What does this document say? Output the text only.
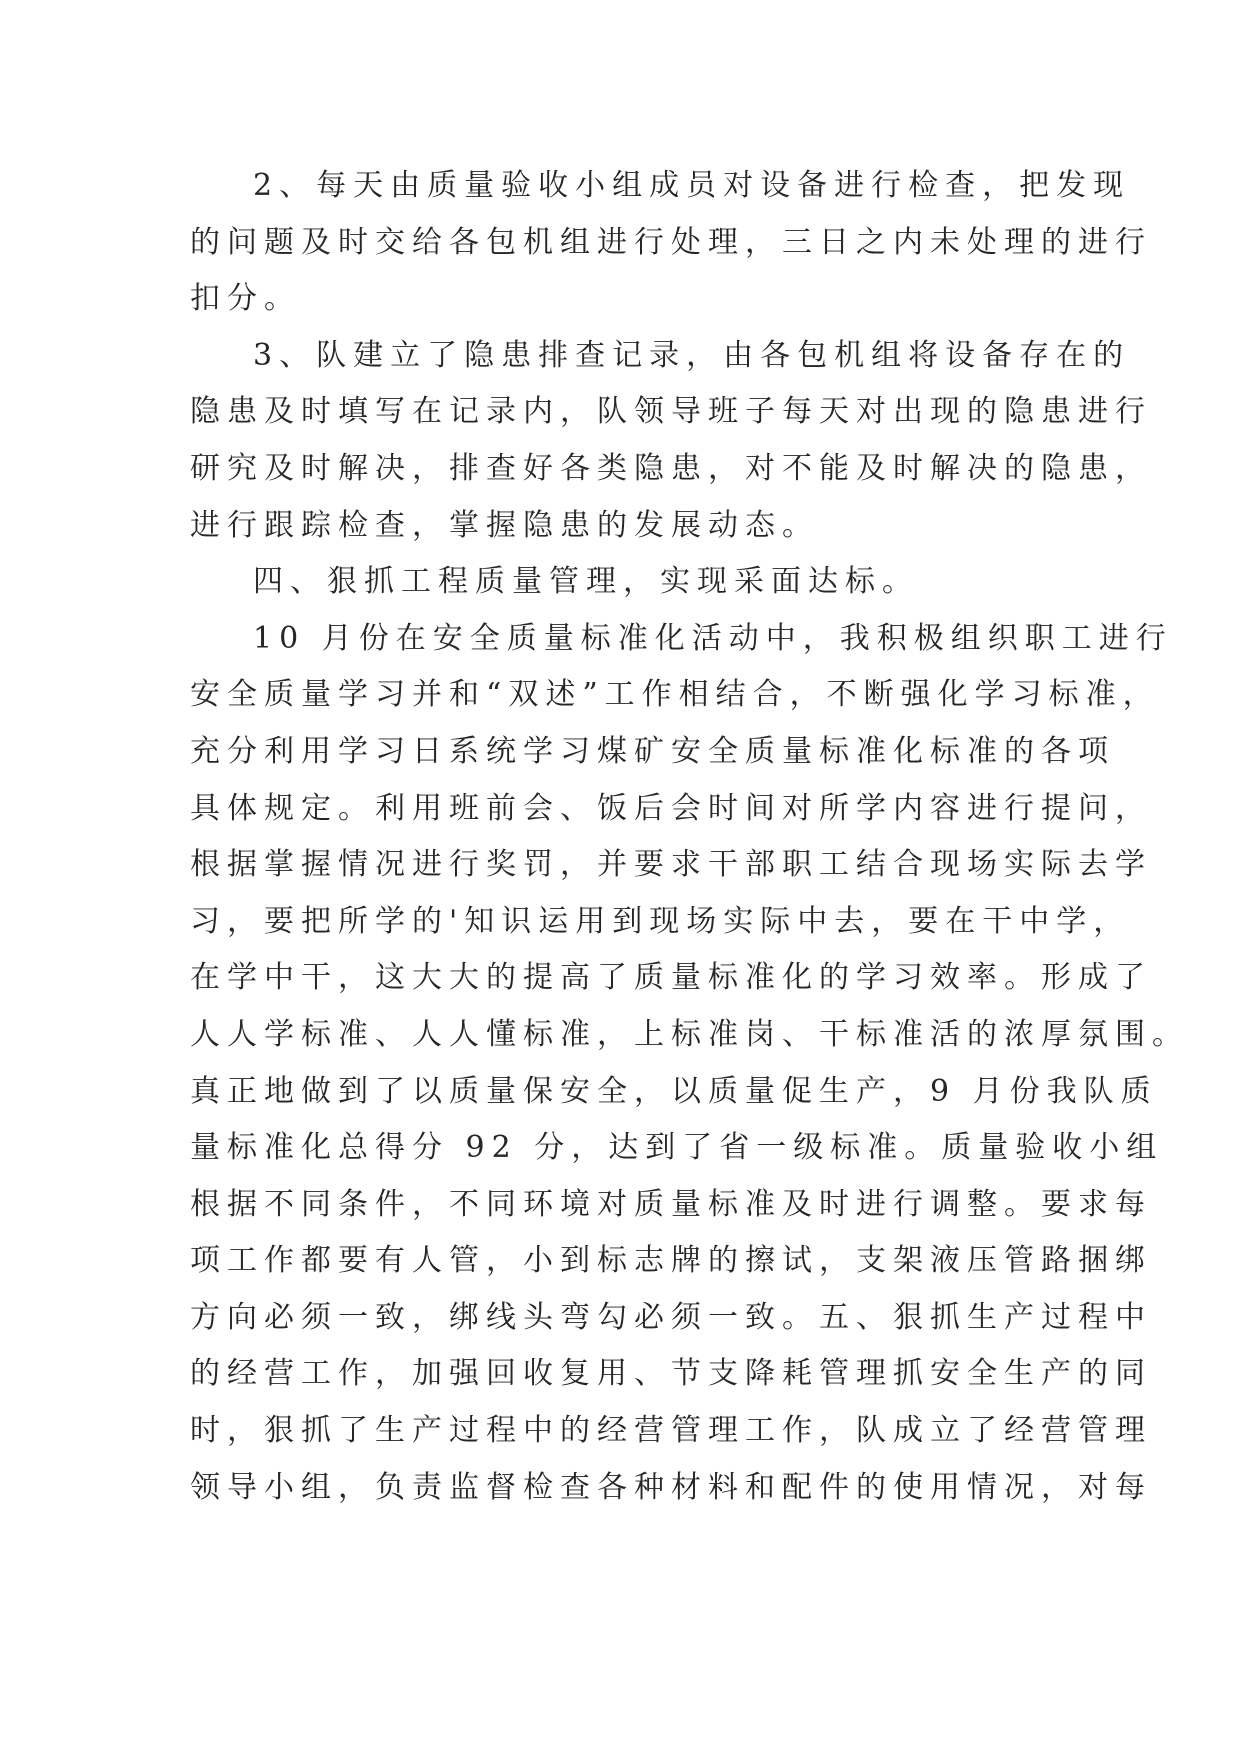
2、每天由质量验收小组成员对设备进行检查，把发现
的问题及时交给各包机组进行处理，三日之内未处理的进行
扣分。
3、队建立了隐患排查记录，由各包机组将设备存在的
隐患及时填写在记录内，队领导班子每天对出现的隐患进行
研究及时解决，排查好各类隐患，对不能及时解决的隐患，
进行跟踪检查，掌握隐患的发展动态。
四、狠抓工程质量管理，实现采面达标。
10 月份在安全质量标准化活动中，我积极组织职工进行
安全质量学习并和“双述”工作相结合，不断强化学习标准，
充分利用学习日系统学习煤矿安全质量标准化标准的各项
具体规定。利用班前会、饭后会时间对所学内容进行提问，
根据掌握情况进行奖罚，并要求干部职工结合现场实际去学
习，要把所学的'知识运用到现场实际中去，要在干中学，
在学中干，这大大的提高了质量标准化的学习效率。形成了
人人学标准、人人懂标准，上标准岗、干标准活的浓厚氛围。
真正地做到了以质量保安全，以质量促生产，9 月份我队质
量标准化总得分 92 分，达到了省一级标准。质量验收小组
根据不同条件，不同环境对质量标准及时进行调整。要求每
项工作都要有人管，小到标志牌的擦试，支架液压管路捆绑
方向必须一致，绑线头弯勾必须一致。五、狠抓生产过程中
的经营工作，加强回收复用、节支降耗管理抓安全生产的同
时，狠抓了生产过程中的经营管理工作，队成立了经营管理
领导小组，负责监督检查各种材料和配件的使用情况，对每
